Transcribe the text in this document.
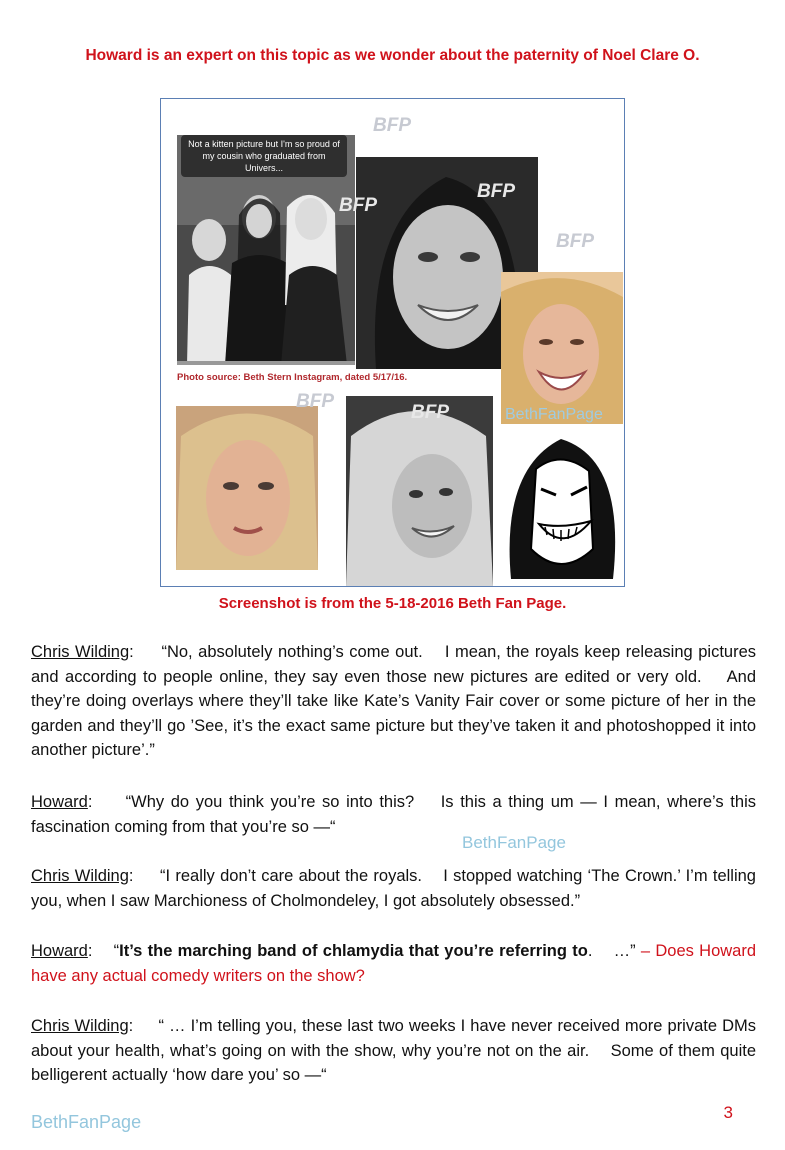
Howard is an expert on this topic as we wonder about the paternity of Noel Clare O.
Not a kitten picture but I'm so proud of my cousin who graduated from Univers...
Photo source: Beth Stern Instagram, dated 5/17/16.
BFP
BFP
BFP
BFP
BFP
BFP	BethFanPage
Screenshot is from the 5-18-2016 Beth Fan Page.
Chris Wilding:     “No, absolutely nothing’s come out.    I mean, the royals keep releasing pictures and according to people online, they say even those new pictures are edited or very old.    And they’re doing overlays where they’ll take like Kate’s Vanity Fair cover or some picture of her in the garden and they’ll go ’See, it’s the exact same picture but they’ve taken it and photoshopped it into another picture’.”
Howard:     “Why do you think you’re so into this?    Is this a thing um — I mean, where’s this fascination coming from that you’re so —“
BethFanPage
Chris Wilding:     “I really don’t care about the royals.    I stopped watching ‘The Crown.’ I’m telling you, when I saw Marchioness of Cholmondeley, I got absolutely obsessed.”
Howard:    “It’s the marching band of chlamydia that you’re referring to.    …” – Does Howard have any actual comedy writers on the show?
Chris Wilding:     “ … I’m telling you, these last two weeks I have never received more private DMs about your health, what’s going on with the show, why you’re not on the air.    Some of them quite belligerent actually ‘how dare you’ so —“
BethFanPage	3
